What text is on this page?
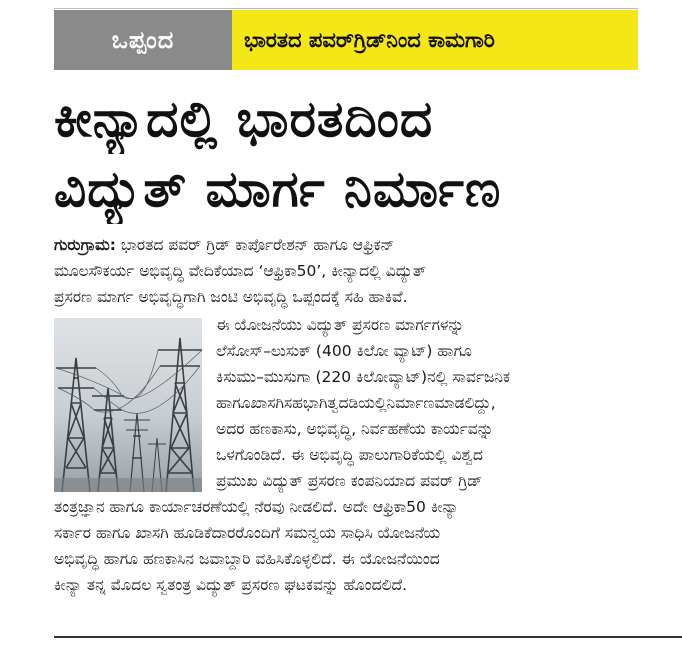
ಒಪ್ಪಂದ	ಭಾರತದ ಪವರ್‌ಗ್ರಿಡ್‌ನಿಂದ ಕಾಮಗಾರಿ
ಕೀನ್ಯಾದಲ್ಲಿ ಭಾರತದಿಂದ
ವಿದ್ಯುತ್‌ ಮಾರ್ಗ ನಿರ್ಮಾಣ
ಗುರುಗ್ರಾಮ: ಭಾರತದ ಪವರ್ ಗ್ರಿಡ್ ಕಾರ್ಪೊರೇಶನ್ ಹಾಗೂ ಆಫ್ರಿಕನ್
ಮೂಲಸೌಕರ್ಯ ಅಭಿವೃದ್ಧಿ ವೇದಿಕೆಯಾದ ‘ಆಫ್ರಿಕಾ50’, ಕೀನ್ಯಾದಲ್ಲಿ ವಿದ್ಯುತ್
ಪ್ರಸರಣ ಮಾರ್ಗ ಅಭಿವೃದ್ಧಿಗಾಗಿ ಜಂಟಿ ಅಭಿವೃದ್ಧಿ ಒಪ್ಪಂದಕ್ಕೆ ಸಹಿ ಹಾಕಿವೆ.
ಈ ಯೋಜನೆಯು ವಿದ್ಯುತ್ ಪ್ರಸರಣ ಮಾರ್ಗಗಳನ್ನು
ಲೆಸೋಸ್–ಲುಸುಕ್ (400 ಕಿಲೋ ವ್ಯಾಟ್) ಹಾಗೂ
ಕಿಸುಮು–ಮುಸುಗಾ (220 ಕಿಲೋವ್ಯಾಟ್)ನಲ್ಲಿ ಸಾರ್ವಜನಿಕ
ಹಾಗೂಖಾಸಗಿಸಹಭಾಗಿತ್ವದಡಿಯಲ್ಲಿನಿರ್ಮಾಣಮಾಡಲಿದ್ದು,
ಅದರ ಹಣಕಾಸು, ಅಭಿವೃದ್ಧಿ, ನಿರ್ವಹಣೆಯ ಕಾರ್ಯವನ್ನು
ಒಳಗೊಂಡಿದೆ. ಈ ಅಭಿವೃದ್ಧಿ ಪಾಲುಗಾರಿಕೆಯಲ್ಲಿ ವಿಶ್ವದ
ಪ್ರಮುಖ ವಿದ್ಯುತ್ ಪ್ರಸರಣ ಕಂಪನಿಯಾದ ಪವರ್ ಗ್ರಿಡ್
ತಂತ್ರಜ್ಞಾನ ಹಾಗೂ ಕಾರ್ಯಾಚರಣೆಯಲ್ಲಿ ನೆರವು ನೀಡಲಿದೆ. ಅದೇ ಆಫ್ರಿಕಾ50 ಕೀನ್ಯಾ
ಸರ್ಕಾರ ಹಾಗೂ ಖಾಸಗಿ ಹೂಡಿಕೆದಾರರೊಂದಿಗೆ ಸಮನ್ವಯ ಸಾಧಿಸಿ ಯೋಜನೆಯ
ಅಭಿವೃದ್ಧಿ ಹಾಗೂ ಹಣಕಾಸಿನ ಜವಾಬ್ದಾರಿ ವಹಿಸಿಕೊಳ್ಳಲಿದೆ. ಈ ಯೋಜನೆಯಿಂದ
ಕೀನ್ಯಾ ತನ್ನ ಮೊದಲ ಸ್ವತಂತ್ರ ವಿದ್ಯುತ್ ಪ್ರಸರಣ ಘಟಕವನ್ನು ಹೊಂದಲಿದೆ.
